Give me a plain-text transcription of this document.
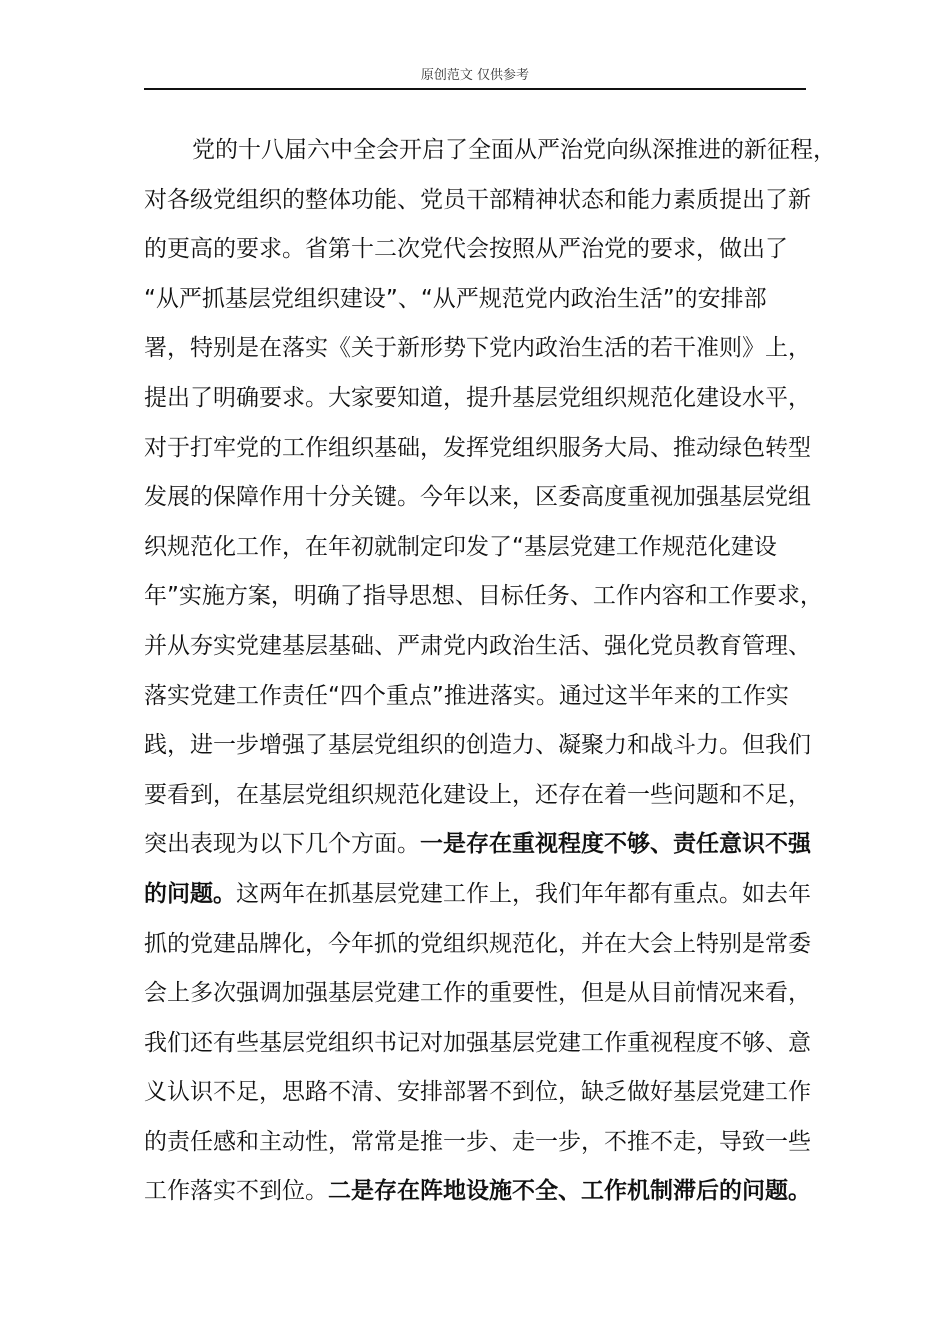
原创范文 仅供参考
党的十八届六中全会开启了全面从严治党向纵深推进的新征程，
对各级党组织的整体功能、党员干部精神状态和能力素质提出了新
的更高的要求。省第十二次党代会按照从严治党的要求，做出了
“从严抓基层党组织建设”、“从严规范党内政治生活”的安排部
署，特别是在落实《关于新形势下党内政治生活的若干准则》上，
提出了明确要求。大家要知道，提升基层党组织规范化建设水平，
对于打牢党的工作组织基础，发挥党组织服务大局、推动绿色转型
发展的保障作用十分关键。今年以来，区委高度重视加强基层党组
织规范化工作，在年初就制定印发了“基层党建工作规范化建设
年”实施方案，明确了指导思想、目标任务、工作内容和工作要求，
并从夯实党建基层基础、严肃党内政治生活、强化党员教育管理、
落实党建工作责任“四个重点”推进落实。通过这半年来的工作实
践，进一步增强了基层党组织的创造力、凝聚力和战斗力。但我们
要看到，在基层党组织规范化建设上，还存在着一些问题和不足，
突出表现为以下几个方面。一是存在重视程度不够、责任意识不强
的问题。这两年在抓基层党建工作上，我们年年都有重点。如去年
抓的党建品牌化，今年抓的党组织规范化，并在大会上特别是常委
会上多次强调加强基层党建工作的重要性，但是从目前情况来看，
我们还有些基层党组织书记对加强基层党建工作重视程度不够、意
义认识不足，思路不清、安排部署不到位，缺乏做好基层党建工作
的责任感和主动性，常常是推一步、走一步，不推不走，导致一些
工作落实不到位。二是存在阵地设施不全、工作机制滞后的问题。
